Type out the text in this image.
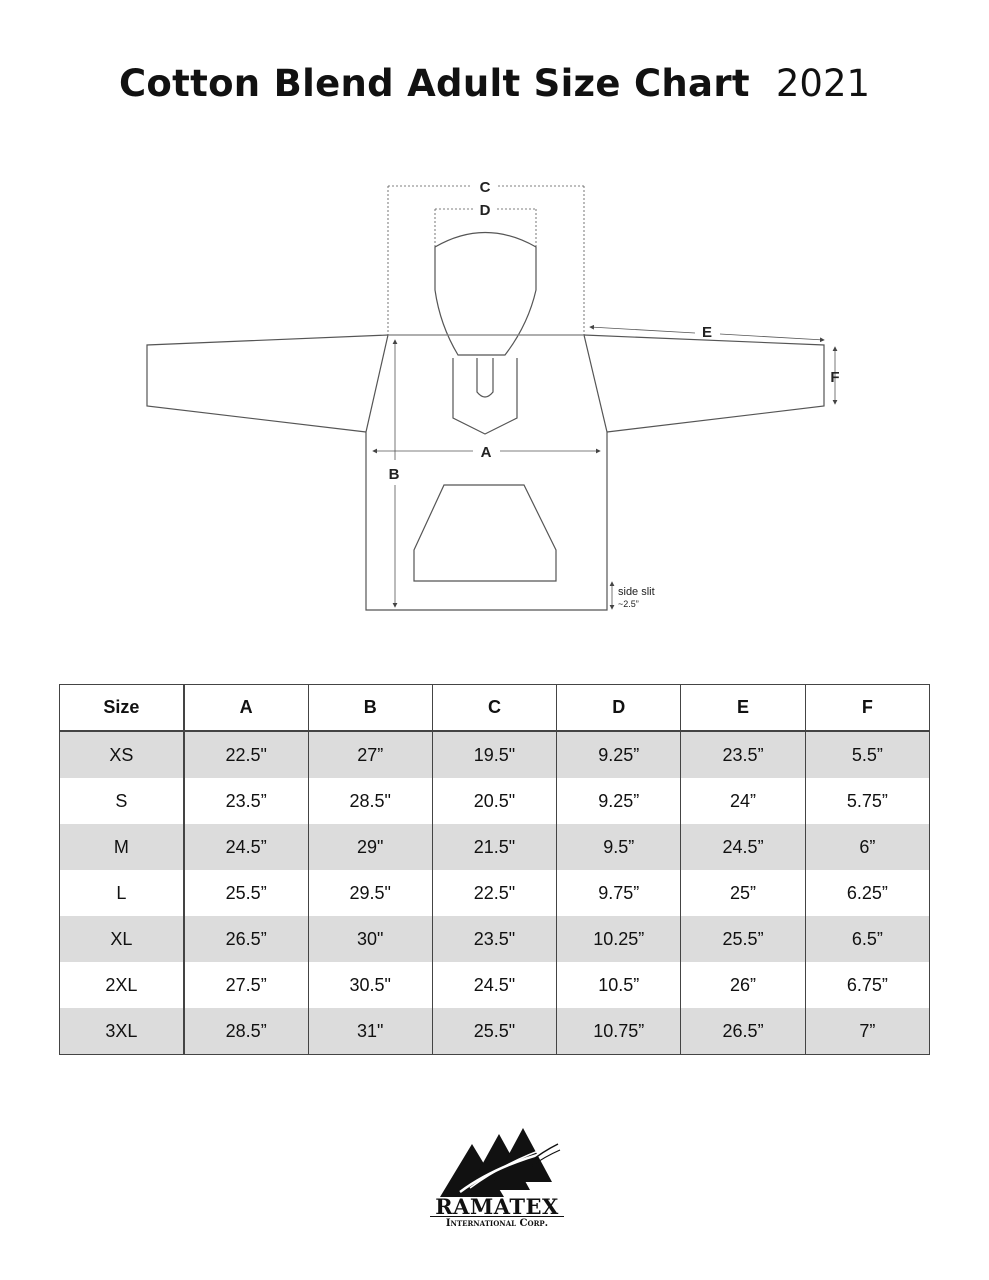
Cotton Blend Adult Size Chart 2021
C
D
E
F
A
B
side slit
~2.5”
Size	A	B	C	D	E	F
XS	22.5"	27”	19.5"	9.25”	23.5”	5.5”
S	23.5”	28.5"	20.5"	9.25”	24”	5.75”
M	24.5”	29"	21.5"	9.5”	24.5”	6”
L	25.5”	29.5"	22.5"	9.75”	25”	6.25”
XL	26.5”	30"	23.5"	10.25”	25.5”	6.5”
2XL	27.5”	30.5"	24.5"	10.5”	26”	6.75”
3XL	28.5”	31"	25.5"	10.75”	26.5”	7”
RAMATEX
International Corp.
